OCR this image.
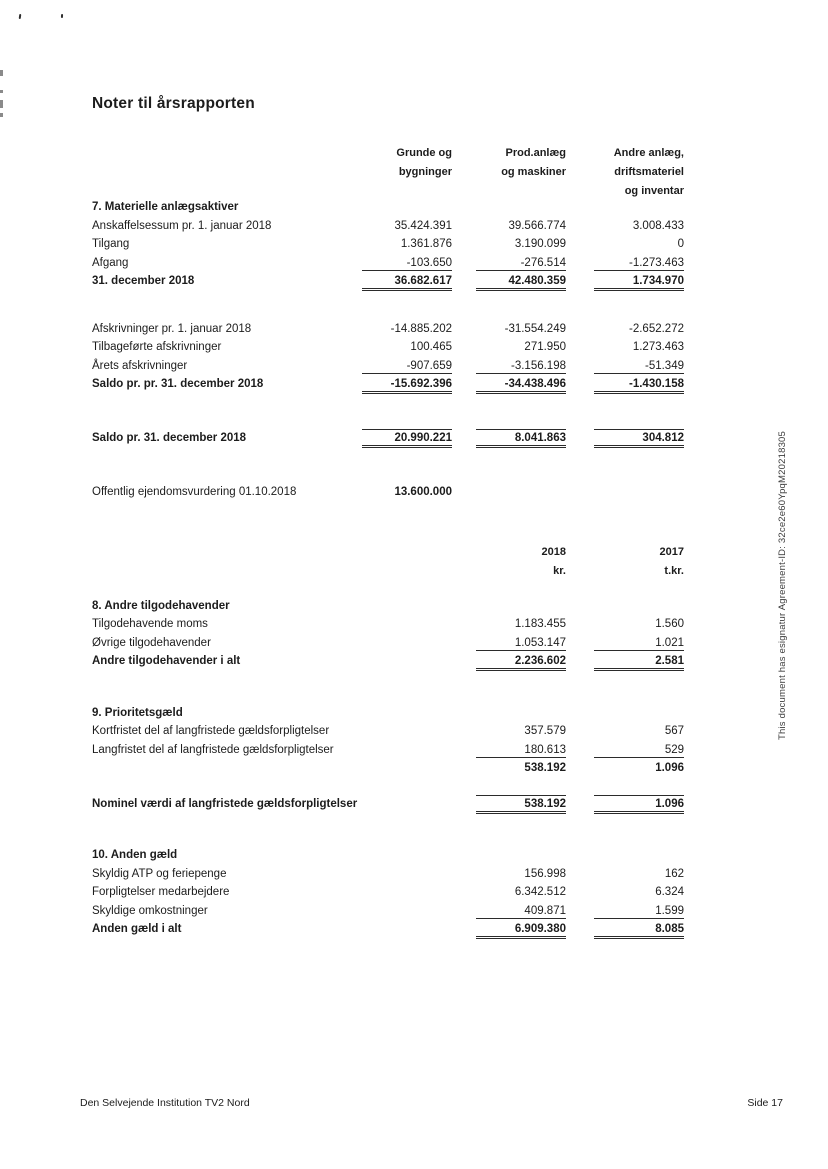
Noter til årsrapporten
Grunde og
bygninger
Prod.anlæg
og maskiner
Andre anlæg,
driftsmateriel
og inventar
7. Materielle anlægsaktiver
Anskaffelsessum pr. 1. januar 2018	35.424.391	39.566.774	3.008.433
Tilgang	1.361.876	3.190.099	0
Afgang	-103.650	-276.514	-1.273.463
31. december 2018	36.682.617	42.480.359	1.734.970
Afskrivninger pr. 1. januar 2018	-14.885.202	-31.554.249	-2.652.272
Tilbageførte afskrivninger	100.465	271.950	1.273.463
Årets afskrivninger	-907.659	-3.156.198	-51.349
Saldo pr. pr. 31. december 2018	-15.692.396	-34.438.496	-1.430.158
Saldo pr. 31. december 2018	20.990.221	8.041.863	304.812
Offentlig ejendomsvurdering 01.10.2018	13.600.000
2018
kr.
2017
t.kr.
8. Andre tilgodehavender
Tilgodehavende moms	1.183.455	1.560
Øvrige tilgodehavender	1.053.147	1.021
Andre tilgodehavender i alt	2.236.602	2.581
9. Prioritetsgæld
Kortfristet del af langfristede gældsforpligtelser	357.579	567
Langfristet del af langfristede gældsforpligtelser	180.613	529
538.192	1.096
Nominel værdi af langfristede gældsforpligtelser	538.192	1.096
10. Anden gæld
Skyldig ATP og feriepenge	156.998	162
Forpligtelser medarbejdere	6.342.512	6.324
Skyldige omkostninger	409.871	1.599
Anden gæld i alt	6.909.380	8.085
This document has esignatur Agreement-ID: 32ce2e60YpqM20218305
Den Selvejende Institution TV2 Nord	Side 17
